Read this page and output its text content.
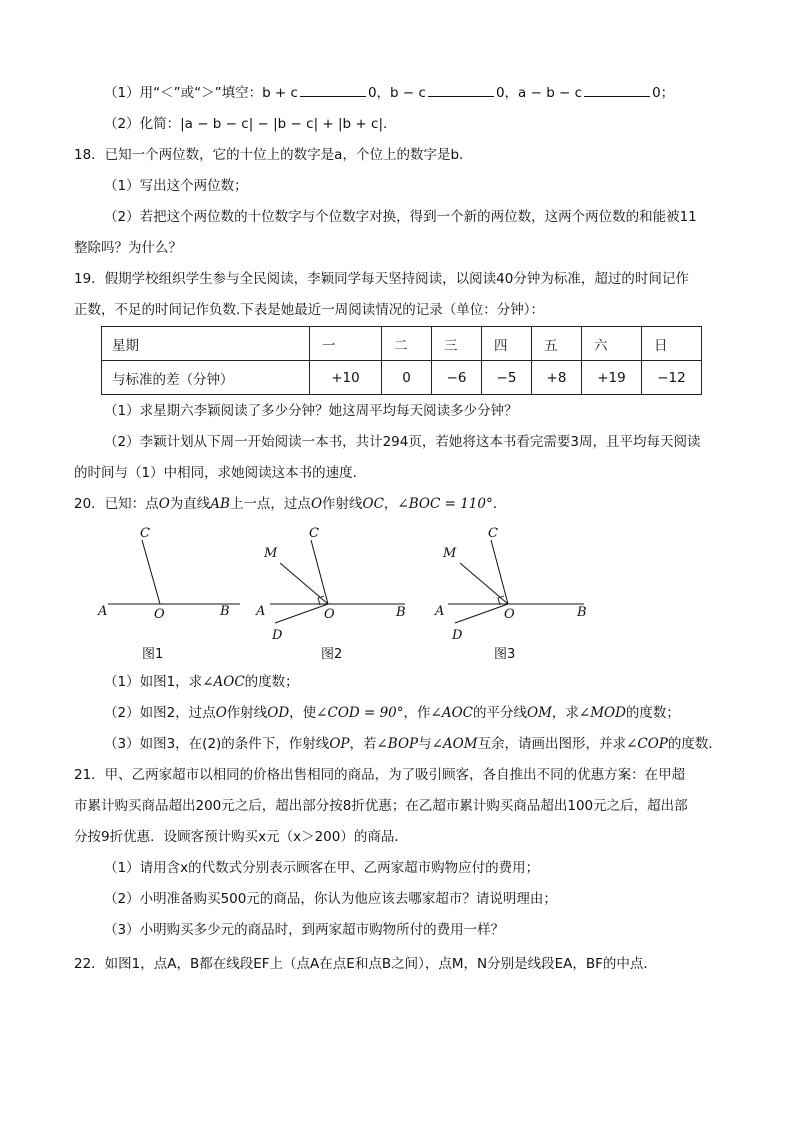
（1）用“＜”或“＞”填空：b + c	0，b − c	0，a − b − c	0；
（2）化简：|a − b − c| − |b − c| + |b + c|．
18．已知一个两位数，它的十位上的数字是a，个位上的数字是b．
（1）写出这个两位数；
（2）若把这个两位数的十位数字与个位数字对换，得到一个新的两位数，这两个两位数的和能被11
整除吗？为什么？
19．假期学校组织学生参与全民阅读，李颖同学每天坚持阅读，以阅读40分钟为标准，超过的时间记作
正数，不足的时间记作负数.下表是她最近一周阅读情况的记录（单位：分钟）：
星期	一	二	三	四	五	六	日
与标准的差（分钟）	+10	0	−6	−5	+8	+19	−12
（1）求星期六李颖阅读了多少分钟？她这周平均每天阅读多少分钟？
（2）李颖计划从下周一开始阅读一本书，共计294页，若她将这本书看完需要3周，且平均每天阅读
的时间与（1）中相同，求她阅读这本书的速度．
20．已知：点O为直线AB上一点，过点O作射线OC，∠BOC = 110°．
C
A	O	B
图1
C
M
A	O	B
D
图2
C
M
A	O	B
D
图3
（1）如图1，求∠AOC的度数；
（2）如图2，过点O作射线OD，使∠COD = 90°，作∠AOC的平分线OM，求∠MOD的度数；
（3）如图3，在(2)的条件下，作射线OP，若∠BOP与∠AOM互余，请画出图形，并求∠COP的度数．
21．甲、乙两家超市以相同的价格出售相同的商品，为了吸引顾客，各自推出不同的优惠方案：在甲超
市累计购买商品超出200元之后，超出部分按8折优惠；在乙超市累计购买商品超出100元之后，超出部
分按9折优惠．设顾客预计购买x元（x＞200）的商品．
（1）请用含x的代数式分别表示顾客在甲、乙两家超市购物应付的费用；
（2）小明准备购买500元的商品，你认为他应该去哪家超市？请说明理由；
（3）小明购买多少元的商品时，到两家超市购物所付的费用一样？
22．如图1，点A，B都在线段EF上（点A在点E和点B之间），点M，N分别是线段EA，BF的中点．
